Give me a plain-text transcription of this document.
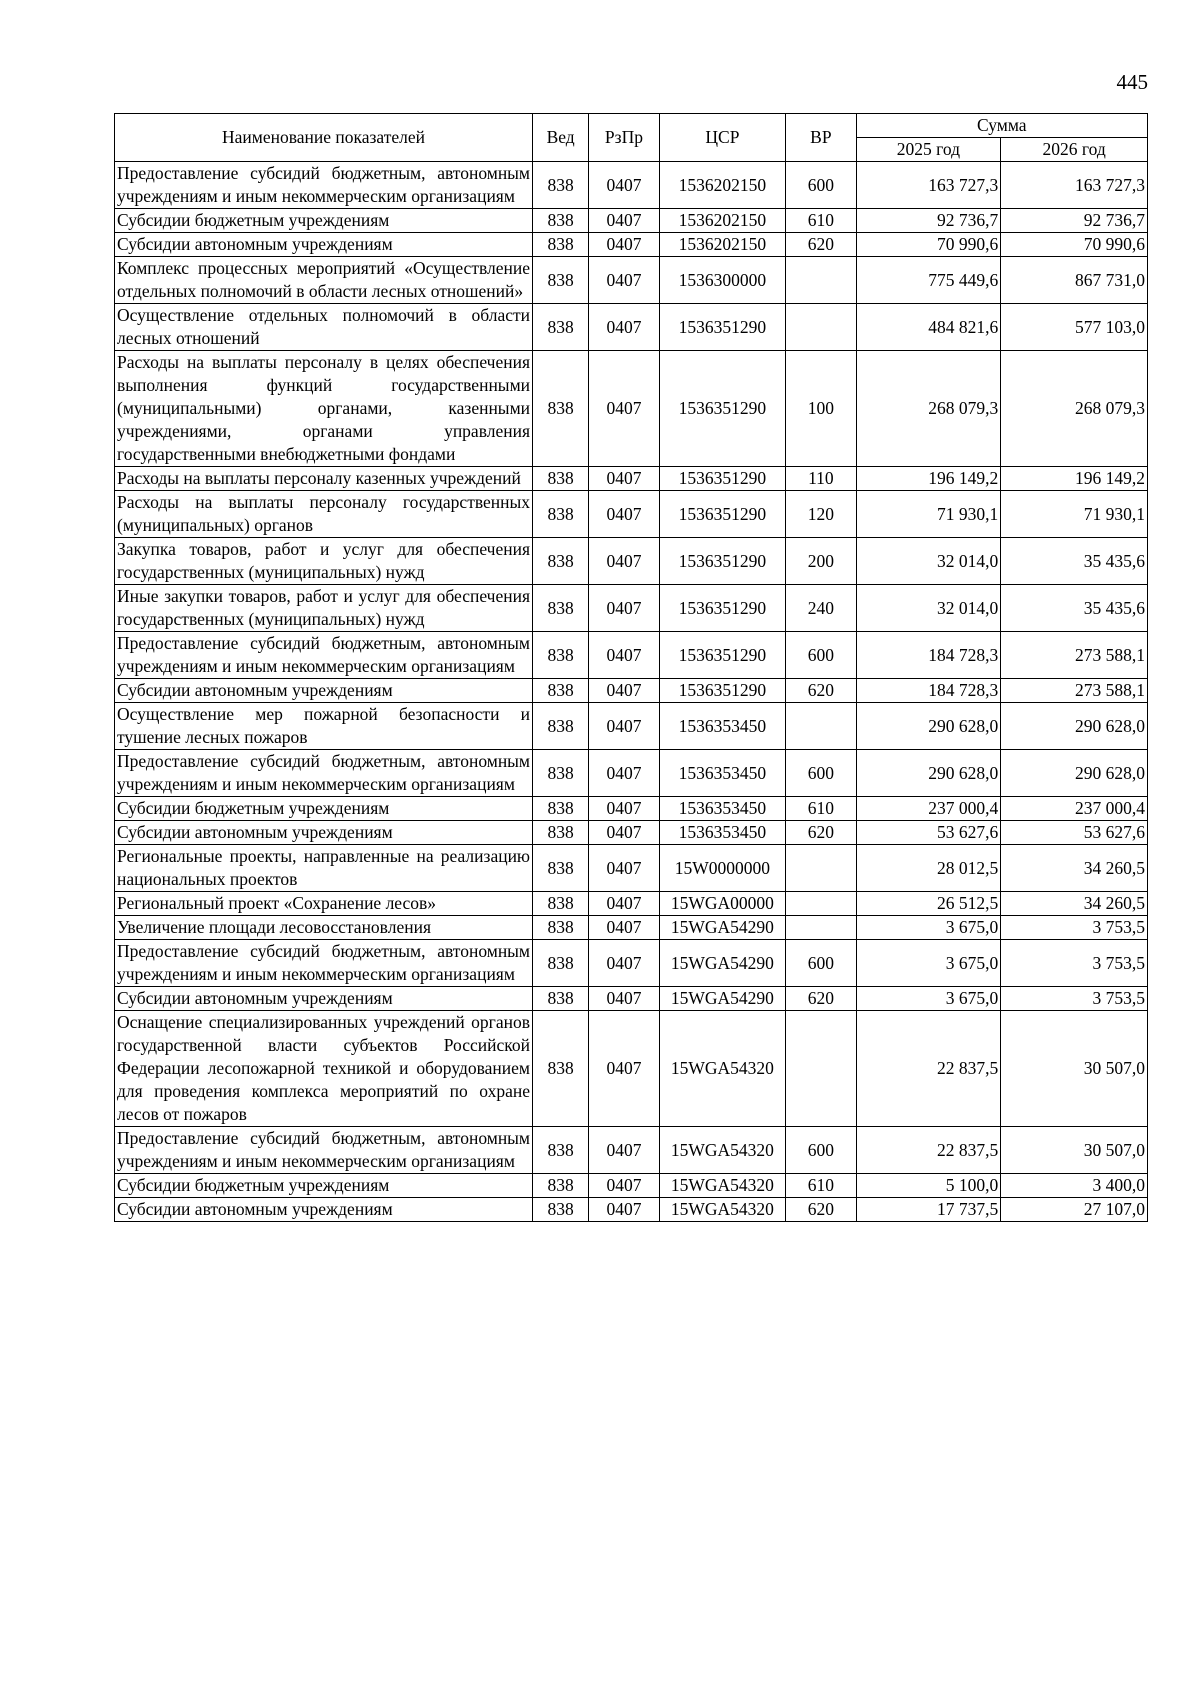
445
Наименование показателей	Вед	РзПр	ЦСР	ВР	Сумма	
					2025 год	2026 год
Предоставление субсидий бюджетным, автономным учреждениям и иным некоммерческим организациям	838	0407	1536202150	600	163 727,3	163 727,3
Субсидии бюджетным учреждениям	838	0407	1536202150	610	92 736,7	92 736,7
Субсидии автономным учреждениям	838	0407	1536202150	620	70 990,6	70 990,6
Комплекс процессных мероприятий «Осуществление отдельных полномочий в области лесных отношений»	838	0407	1536300000		775 449,6	867 731,0
Осуществление отдельных полномочий в области лесных отношений	838	0407	1536351290		484 821,6	577 103,0
Расходы на выплаты персоналу в целях обеспечения выполнения функций государственными (муниципальными) органами, казенными учреждениями, органами управления государственными внебюджетными фондами	838	0407	1536351290	100	268 079,3	268 079,3
Расходы на выплаты персоналу казенных учреждений	838	0407	1536351290	110	196 149,2	196 149,2
Расходы на выплаты персоналу государственных (муниципальных) органов	838	0407	1536351290	120	71 930,1	71 930,1
Закупка товаров, работ и услуг для обеспечения государственных (муниципальных) нужд	838	0407	1536351290	200	32 014,0	35 435,6
Иные закупки товаров, работ и услуг для обеспечения государственных (муниципальных) нужд	838	0407	1536351290	240	32 014,0	35 435,6
Предоставление субсидий бюджетным, автономным учреждениям и иным некоммерческим организациям	838	0407	1536351290	600	184 728,3	273 588,1
Субсидии автономным учреждениям	838	0407	1536351290	620	184 728,3	273 588,1
Осуществление мер пожарной безопасности и тушение лесных пожаров	838	0407	1536353450		290 628,0	290 628,0
Предоставление субсидий бюджетным, автономным учреждениям и иным некоммерческим организациям	838	0407	1536353450	600	290 628,0	290 628,0
Субсидии бюджетным учреждениям	838	0407	1536353450	610	237 000,4	237 000,4
Субсидии автономным учреждениям	838	0407	1536353450	620	53 627,6	53 627,6
Региональные проекты, направленные на реализацию национальных проектов	838	0407	15W0000000		28 012,5	34 260,5
Региональный проект «Сохранение лесов»	838	0407	15WGA00000		26 512,5	34 260,5
Увеличение площади лесовосстановления	838	0407	15WGA54290		3 675,0	3 753,5
Предоставление субсидий бюджетным, автономным учреждениям и иным некоммерческим организациям	838	0407	15WGA54290	600	3 675,0	3 753,5
Субсидии автономным учреждениям	838	0407	15WGA54290	620	3 675,0	3 753,5
Оснащение специализированных учреждений органов государственной власти субъектов Российской Федерации лесопожарной техникой и оборудованием для проведения комплекса мероприятий по охране лесов от пожаров	838	0407	15WGA54320		22 837,5	30 507,0
Предоставление субсидий бюджетным, автономным учреждениям и иным некоммерческим организациям	838	0407	15WGA54320	600	22 837,5	30 507,0
Субсидии бюджетным учреждениям	838	0407	15WGA54320	610	5 100,0	3 400,0
Субсидии автономным учреждениям	838	0407	15WGA54320	620	17 737,5	27 107,0
